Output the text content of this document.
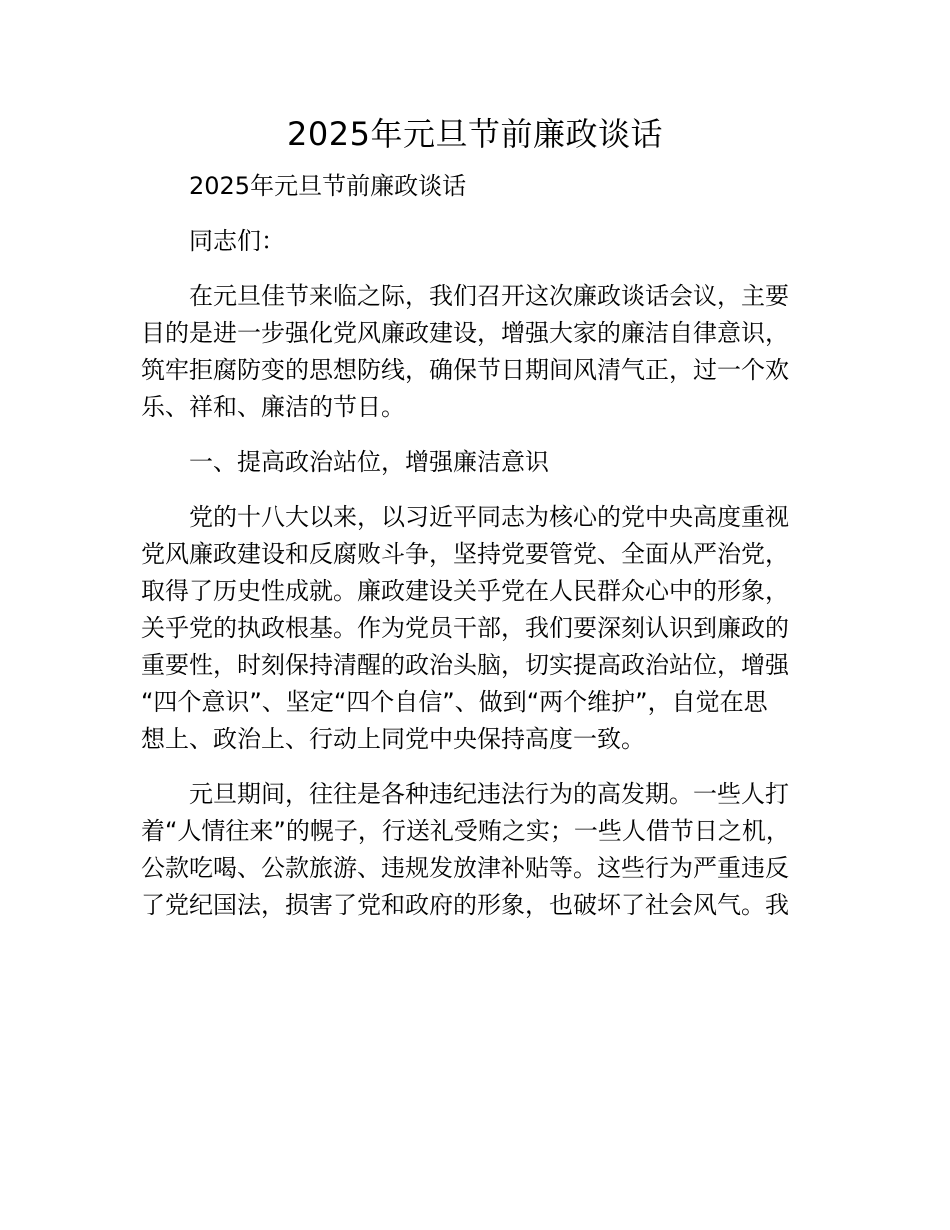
2025年元旦节前廉政谈话
2025年元旦节前廉政谈话
同志们：
在元旦佳节来临之际，我们召开这次廉政谈话会议，主要
目的是进一步强化党风廉政建设，增强大家的廉洁自律意识，
筑牢拒腐防变的思想防线，确保节日期间风清气正，过一个欢
乐、祥和、廉洁的节日。
一、提高政治站位，增强廉洁意识
党的十八大以来，以习近平同志为核心的党中央高度重视
党风廉政建设和反腐败斗争，坚持党要管党、全面从严治党，
取得了历史性成就。廉政建设关乎党在人民群众心中的形象，
关乎党的执政根基。作为党员干部，我们要深刻认识到廉政的
重要性，时刻保持清醒的政治头脑，切实提高政治站位，增强
“四个意识”、坚定“四个自信”、做到“两个维护”，自觉在思
想上、政治上、行动上同党中央保持高度一致。
元旦期间，往往是各种违纪违法行为的高发期。一些人打
着“人情往来”的幌子，行送礼受贿之实；一些人借节日之机，
公款吃喝、公款旅游、违规发放津补贴等。这些行为严重违反
了党纪国法，损害了党和政府的形象，也破坏了社会风气。我
